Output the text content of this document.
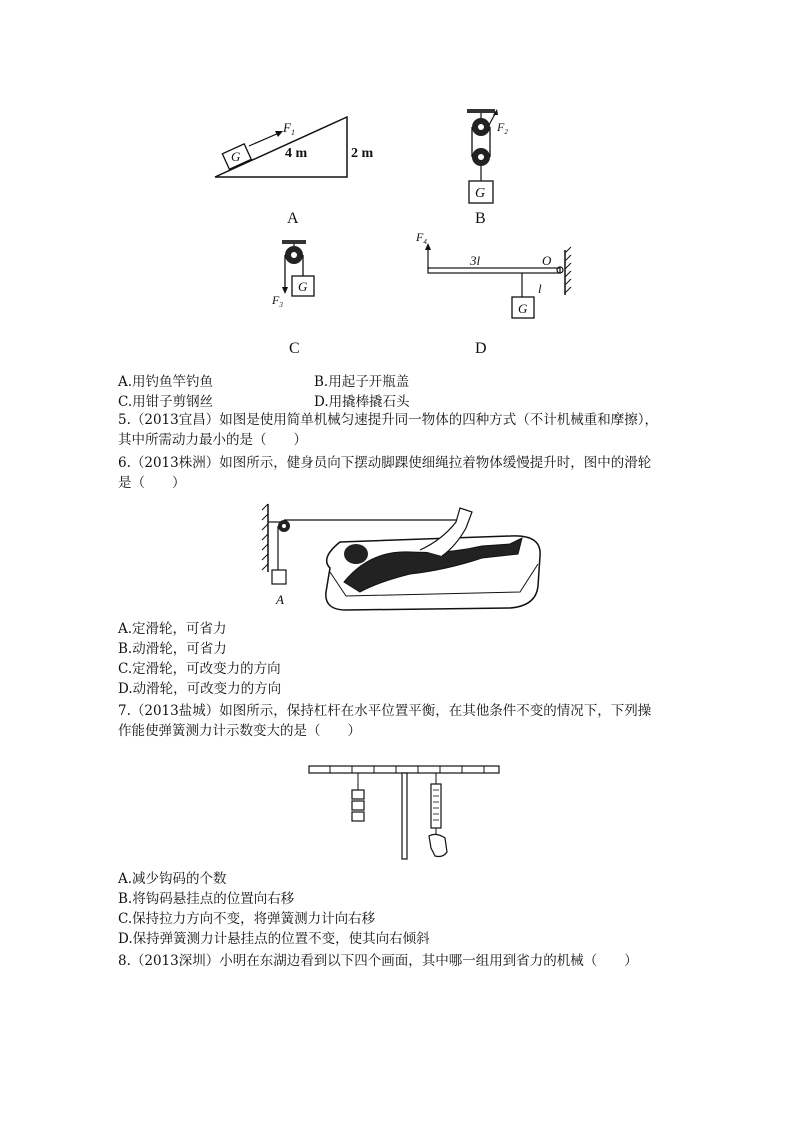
G
$F_1$
4 m	2 m
A
$F_2$
G
B
G
$F_3$
C
$F_4$
3l	O
G
l
D
A.用钓鱼竿钓鱼	B.用起子开瓶盖
C.用钳子剪钢丝	D.用撬棒撬石头
5.（2013宜昌）如图是使用简单机械匀速提升同一物体的四种方式（不计机械重和摩擦），
其中所需动力最小的是（　　）
6.（2013株洲）如图所示，健身员向下摆动脚踝使细绳拉着物体缓慢提升时，图中的滑轮
是（　　）
A
A.定滑轮，可省力
B.动滑轮，可省力
C.定滑轮，可改变力的方向
D.动滑轮，可改变力的方向
7.（2013盐城）如图所示，保持杠杆在水平位置平衡，在其他条件不变的情况下，下列操
作能使弹簧测力计示数变大的是（　　）
A.减少钩码的个数
B.将钩码悬挂点的位置向右移
C.保持拉力方向不变，将弹簧测力计向右移
D.保持弹簧测力计悬挂点的位置不变，使其向右倾斜
8.（2013深圳）小明在东湖边看到以下四个画面，其中哪一组用到省力的机械（　　）
